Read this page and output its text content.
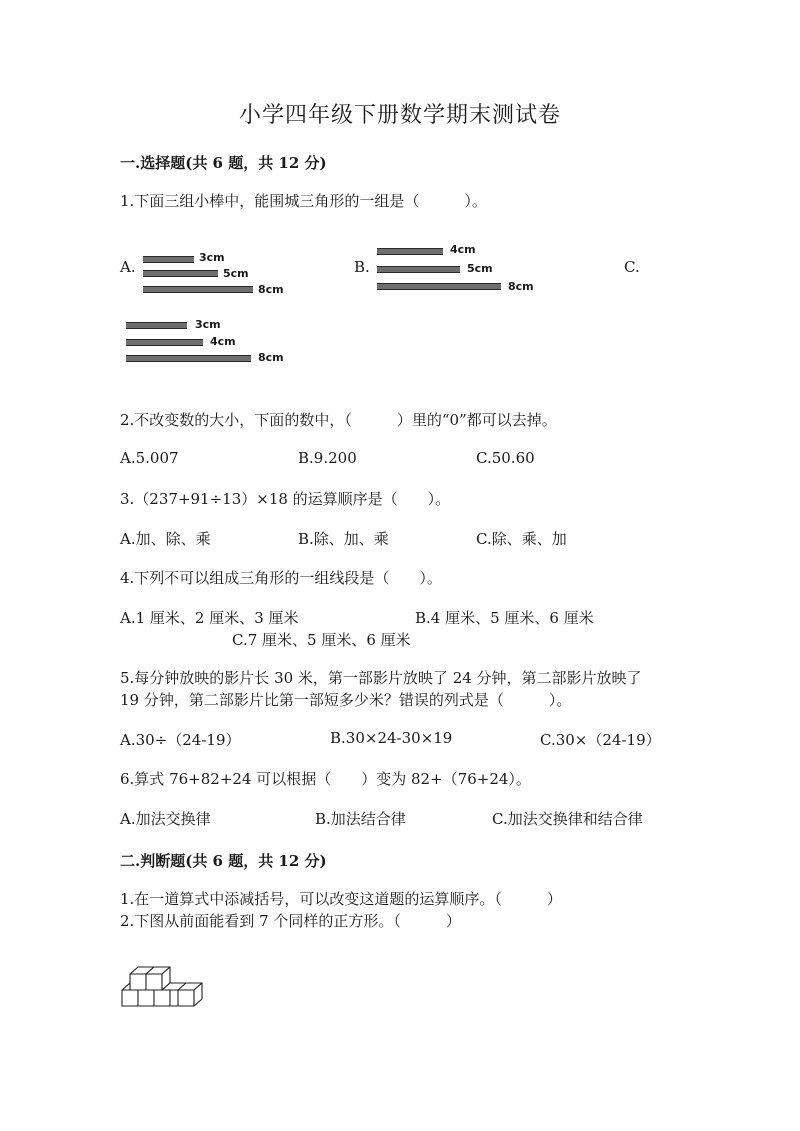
小学四年级下册数学期末测试卷
一.选择题(共 6 题，共 12 分)
1.下面三组小棒中，能围城三角形的一组是（　　　）。
A.
3cm
5cm
8cm
B.
4cm
5cm
8cm
C.
3cm
4cm
8cm
2.不改变数的大小，下面的数中，（　　　）里的“0”都可以去掉。
A.5.007	B.9.200	C.50.60
3.（237+91÷13）×18 的运算顺序是（　　）。
A.加、除、乘	B.除、加、乘	C.除、乘、加
4.下列不可以组成三角形的一组线段是（　　）。
A.1 厘米、2 厘米、3 厘米	B.4 厘米、5 厘米、6 厘米
C.7 厘米、5 厘米、6 厘米
5.每分钟放映的影片长 30 米，第一部影片放映了 24 分钟，第二部影片放映了
19 分钟，第二部影片比第一部短多少米？错误的列式是（　　　）。
A.30÷（24-19）	B.30×24-30×19	C.30×（24-19）
6.算式 76+82+24 可以根据（　　）变为 82+（76+24）。
A.加法交换律	B.加法结合律	C.加法交换律和结合律
二.判断题(共 6 题，共 12 分)
1.在一道算式中添减括号，可以改变这道题的运算顺序。（　　　）
2.下图从前面能看到 7 个同样的正方形。（　　　）
